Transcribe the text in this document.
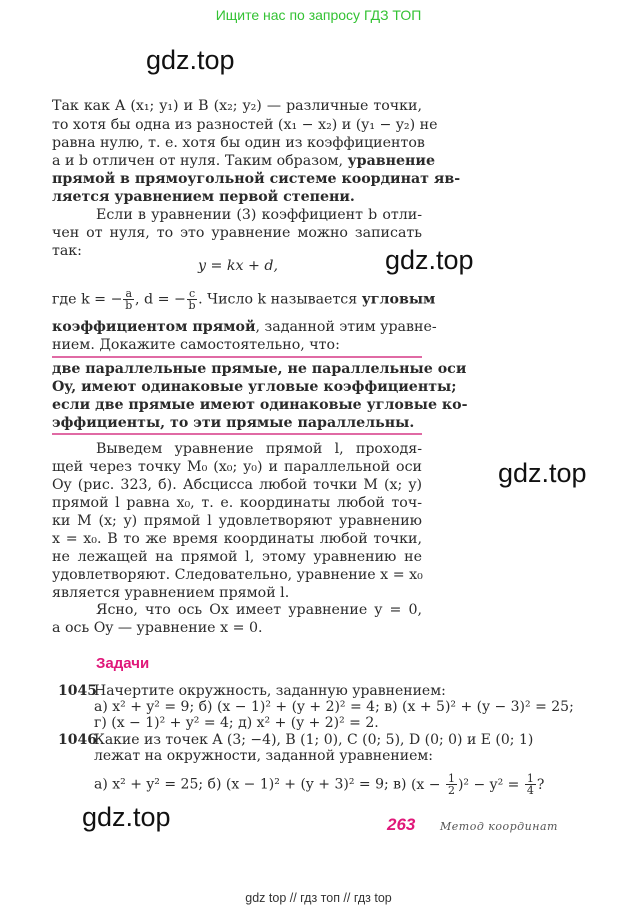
Ищите нас по запросу ГДЗ ТОП
gdz.top
gdz.top
gdz.top
gdz.top
Так как A (x₁; y₁) и B (x₂; y₂) — различные точки,
то хотя бы одна из разностей (x₁ − x₂) и (y₁ − y₂) не
равна нулю, т. е. хотя бы один из коэффициентов
a и b отличен от нуля. Таким образом, уравнение
прямой в прямоугольной системе координат яв-
ляется уравнением первой степени.
Если в уравнении (3) коэффициент b отли-
чен от нуля, то это уравнение можно записать
так:
y = kx + d,
где k = − $\frac{a}{b}$ , d = − $\frac{c}{b}$ . Число k называется угловым
коэффициентом прямой, заданной этим уравне-
нием. Докажите самостоятельно, что:
две параллельные прямые, не параллельные оси
Oy, имеют одинаковые угловые коэффициенты;
если две прямые имеют одинаковые угловые ко-
эффициенты, то эти прямые параллельны.
Выведем уравнение прямой l, проходя-
щей через точку M₀ (x₀; y₀) и параллельной оси
Oy (рис. 323, б). Абсцисса любой точки M (x; y)
прямой l равна x₀, т. е. координаты любой точ-
ки M (x; y) прямой l удовлетворяют уравнению
x = x₀. В то же время координаты любой точки,
не лежащей на прямой l, этому уравнению не
удовлетворяют. Следовательно, уравнение x = x₀
является уравнением прямой l.
Ясно, что ось Ox имеет уравнение y = 0,
а ось Oy — уравнение x = 0.
Задачи
1045Начертите окружность, заданную уравнением:
а) x² + y² = 9; б) (x − 1)² + (y + 2)² = 4; в) (x + 5)² + (y − 3)² = 25;
г) (x − 1)² + y² = 4; д) x² + (y + 2)² = 2.
1046Какие из точек A (3; −4), B (1; 0), C (0; 5), D (0; 0) и E (0; 1)
лежат на окружности, заданной уравнением:
а) x² + y² = 25; б) (x − 1)² + (y + 3)² = 9; в) $(x - \frac{1}{2} )^2 - y^2 = \frac{1}{4}$ ?
263 Метод координат
gdz top // гдз топ // гдз top
